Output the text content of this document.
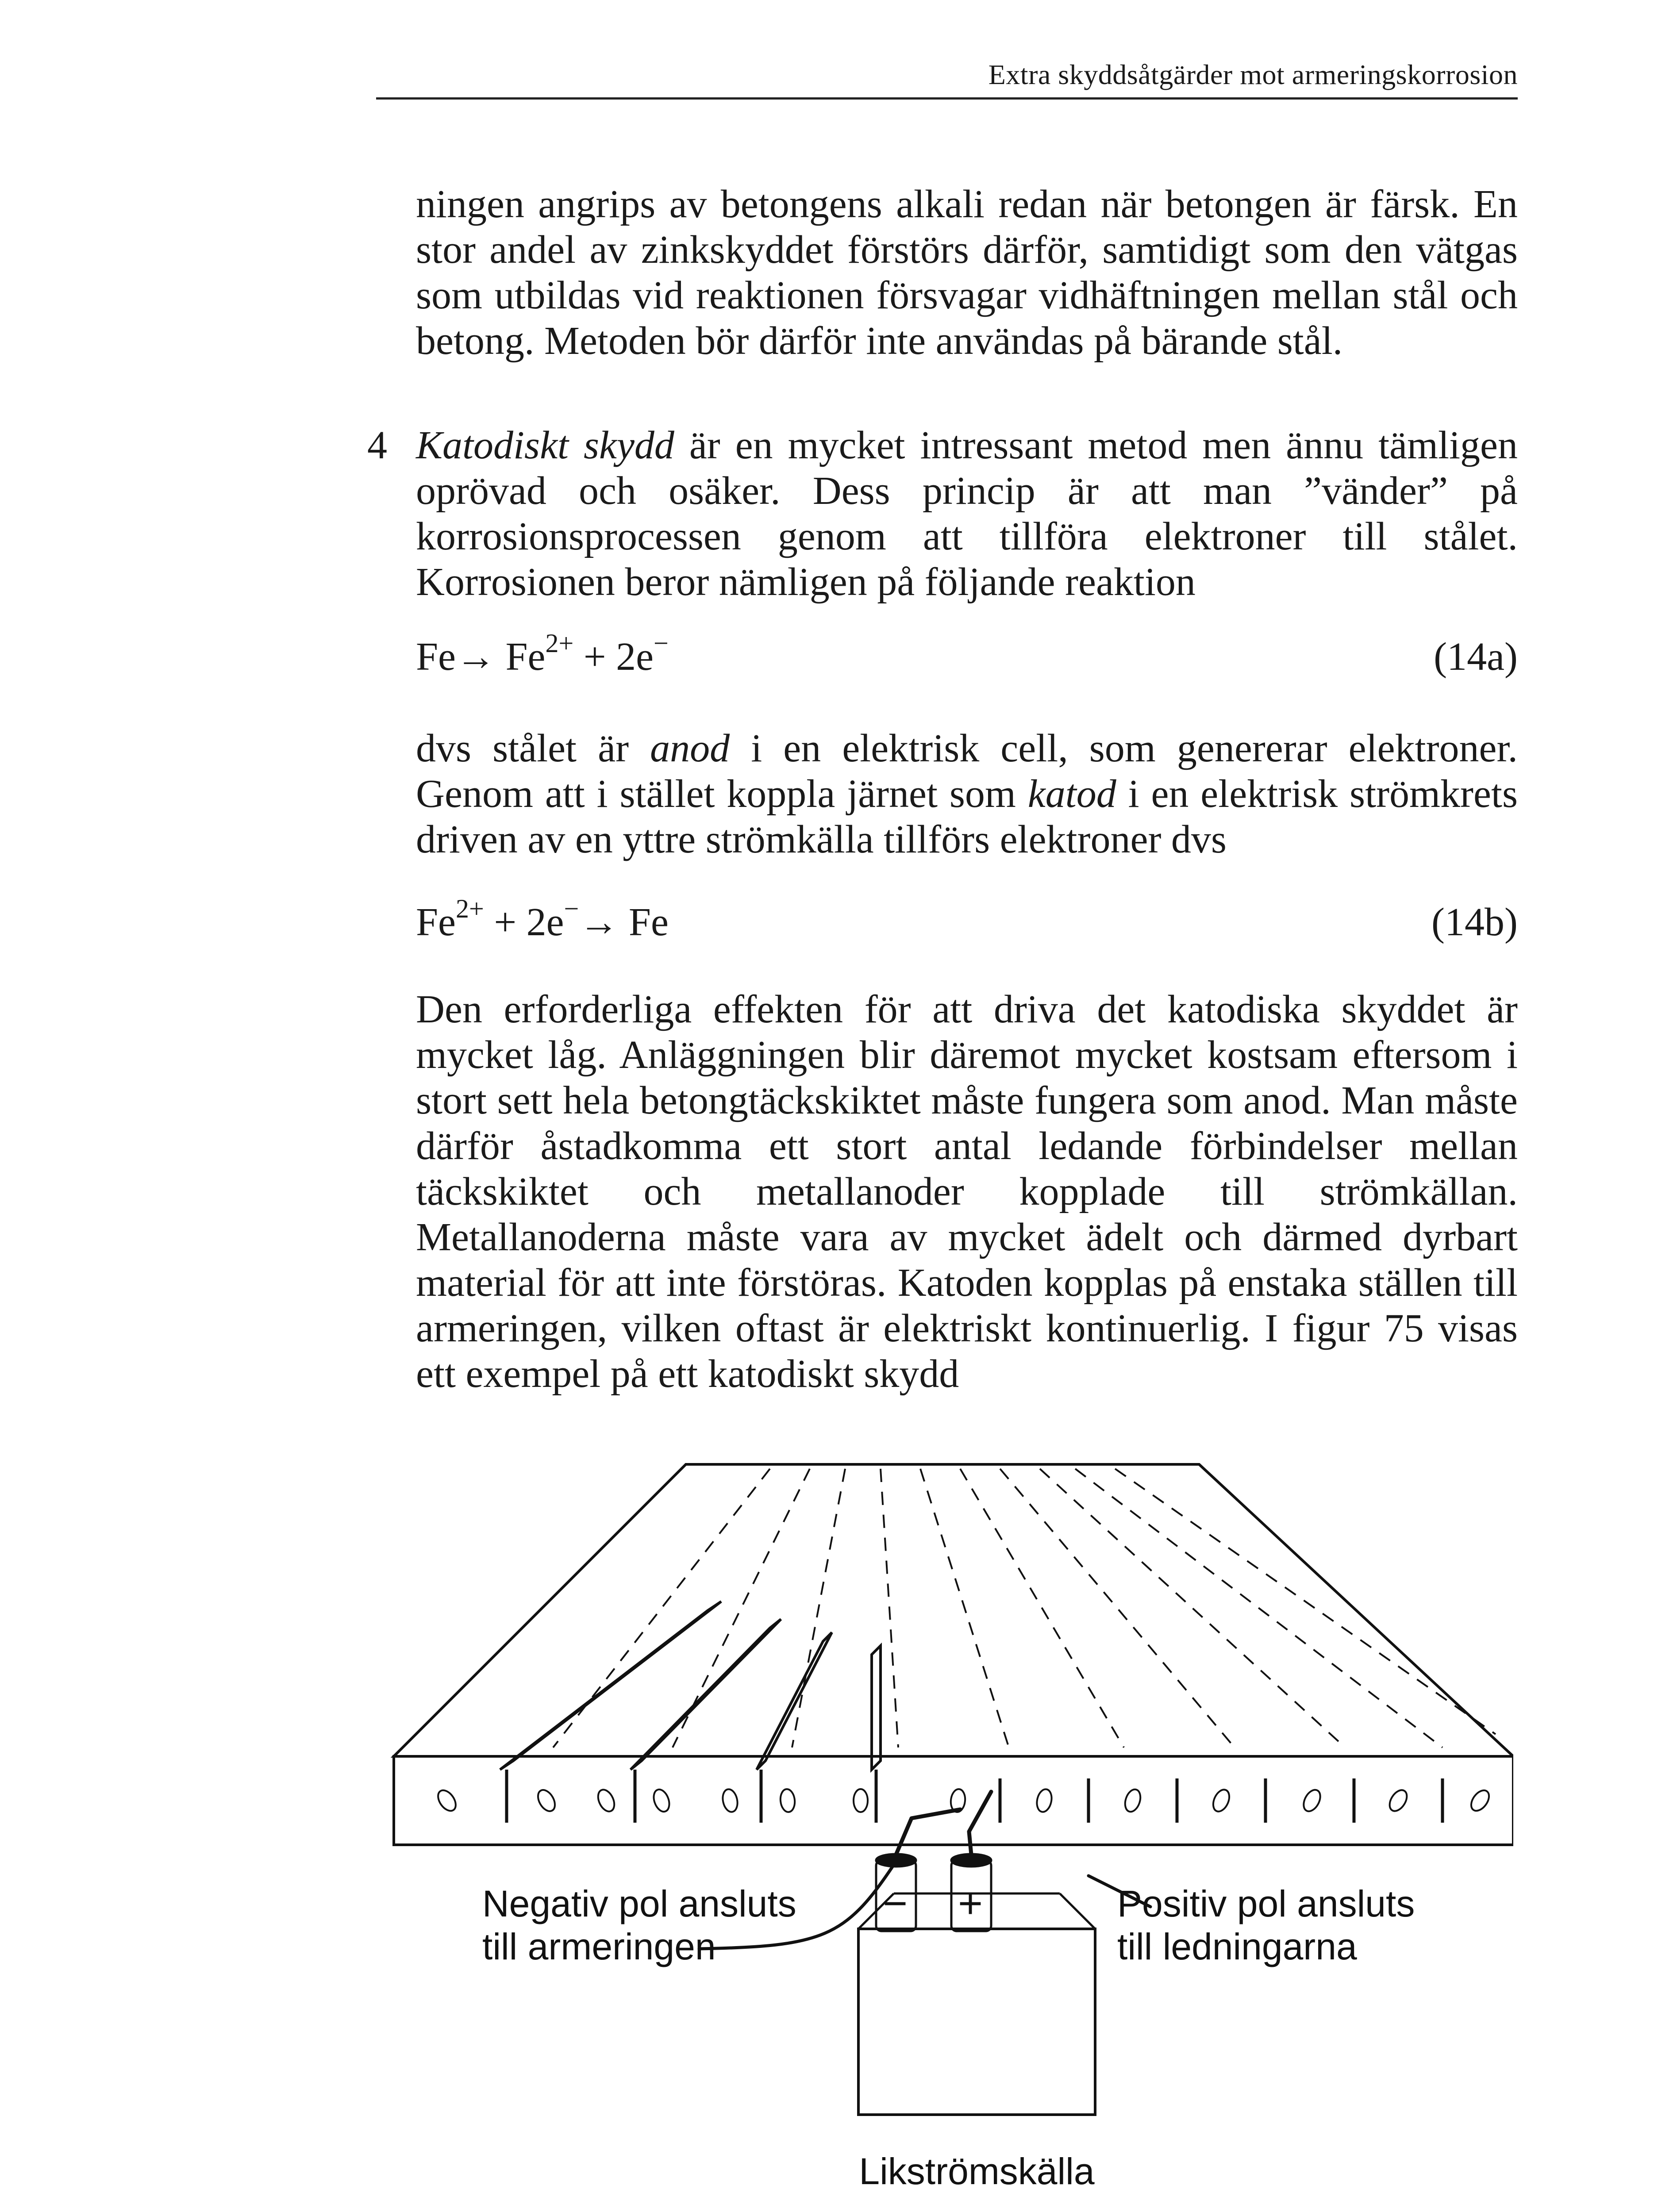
Extra skyddsåtgärder mot armeringskorrosion

ningen angrips av betongens alkali redan när betongen är färsk. En stor andel av zinkskyddet förstörs därför, samtidigt som den vätgas som utbildas vid reaktionen försvagar vidhäftningen mellan stål och betong. Metoden bör därför inte användas på bärande stål.

4 Katodiskt skydd är en mycket intressant metod men ännu tämligen oprövad och osäker. Dess princip är att man ”vänder” på korrosionsprocessen genom att tillföra elektroner till stålet. Korrosionen beror nämligen på följande reaktion

$Fe\to Fe^{2+} + 2e^-$	(14a)

dvs stålet är anod i en elektrisk cell, som genererar elektroner. Genom att i stället koppla järnet som katod i en elektrisk strömkrets driven av en yttre strömkälla tillförs elektroner dvs

$Fe^{2+} + 2e^-\to Fe$	(14b)

Den erforderliga effekten för att driva det katodiska skyddet är mycket låg. Anläggningen blir däremot mycket kostsam eftersom i stort sett hela betongtäckskiktet måste fungera som anod. Man måste därför åstadkomma ett stort antal ledande förbindelser mellan täckskiktet och metallanoder kopplade till strömkällan. Metallanoderna måste vara av mycket ädelt och därmed dyrbart material för att inte förstöras. Katoden kopplas på enstaka ställen till armeringen, vilken oftast är elektriskt kontinuerlig. I figur 75 visas ett exempel på ett katodiskt skydd

Negativ pol ansluts
till armeringen
Positiv pol ansluts
till ledningarna
− +
Likströmskälla
